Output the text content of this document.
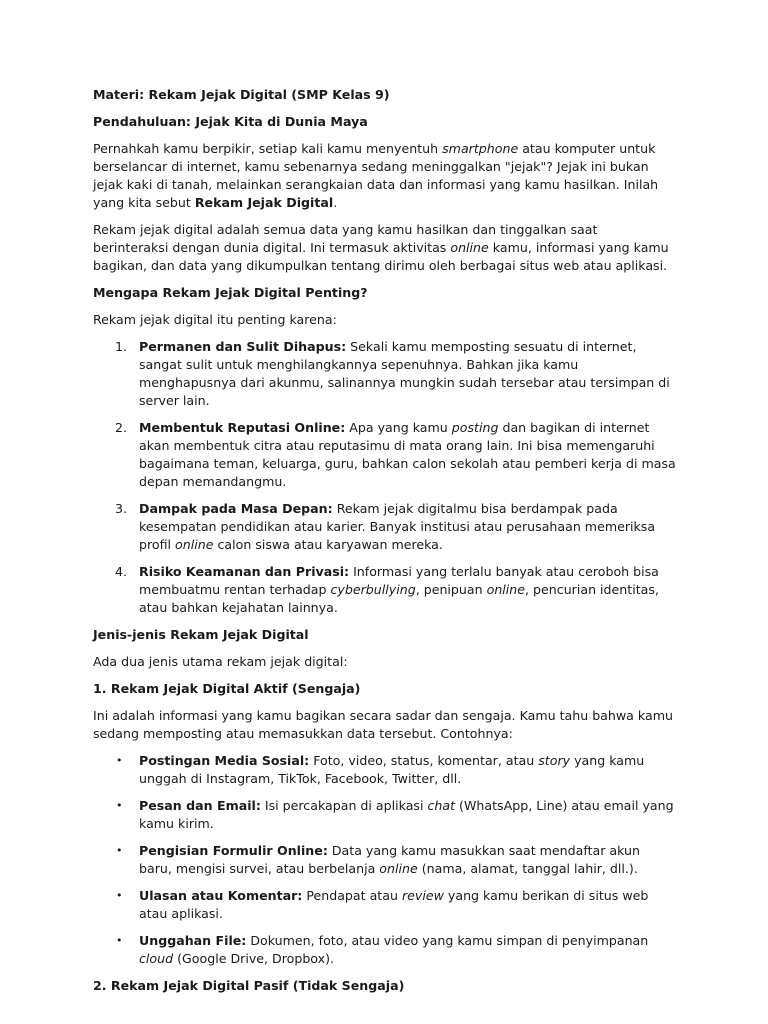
Materi: Rekam Jejak Digital (SMP Kelas 9)

Pendahuluan: Jejak Kita di Dunia Maya

Pernahkah kamu berpikir, setiap kali kamu menyentuh smartphone atau komputer untuk berselancar di internet, kamu sebenarnya sedang meninggalkan "jejak"? Jejak ini bukan jejak kaki di tanah, melainkan serangkaian data dan informasi yang kamu hasilkan. Inilah yang kita sebut Rekam Jejak Digital.

Rekam jejak digital adalah semua data yang kamu hasilkan dan tinggalkan saat berinteraksi dengan dunia digital. Ini termasuk aktivitas online kamu, informasi yang kamu bagikan, dan data yang dikumpulkan tentang dirimu oleh berbagai situs web atau aplikasi.

Mengapa Rekam Jejak Digital Penting?

Rekam jejak digital itu penting karena:

1. Permanen dan Sulit Dihapus: Sekali kamu memposting sesuatu di internet, sangat sulit untuk menghilangkannya sepenuhnya. Bahkan jika kamu menghapusnya dari akunmu, salinannya mungkin sudah tersebar atau tersimpan di server lain.
2. Membentuk Reputasi Online: Apa yang kamu posting dan bagikan di internet akan membentuk citra atau reputasimu di mata orang lain. Ini bisa memengaruhi bagaimana teman, keluarga, guru, bahkan calon sekolah atau pemberi kerja di masa depan memandangmu.
3. Dampak pada Masa Depan: Rekam jejak digitalmu bisa berdampak pada kesempatan pendidikan atau karier. Banyak institusi atau perusahaan memeriksa profil online calon siswa atau karyawan mereka.
4. Risiko Keamanan dan Privasi: Informasi yang terlalu banyak atau ceroboh bisa membuatmu rentan terhadap cyberbullying, penipuan online, pencurian identitas, atau bahkan kejahatan lainnya.

Jenis-jenis Rekam Jejak Digital

Ada dua jenis utama rekam jejak digital:

1. Rekam Jejak Digital Aktif (Sengaja)

Ini adalah informasi yang kamu bagikan secara sadar dan sengaja. Kamu tahu bahwa kamu sedang memposting atau memasukkan data tersebut. Contohnya:

• Postingan Media Sosial: Foto, video, status, komentar, atau story yang kamu unggah di Instagram, TikTok, Facebook, Twitter, dll.
• Pesan dan Email: Isi percakapan di aplikasi chat (WhatsApp, Line) atau email yang kamu kirim.
• Pengisian Formulir Online: Data yang kamu masukkan saat mendaftar akun baru, mengisi survei, atau berbelanja online (nama, alamat, tanggal lahir, dll.).
• Ulasan atau Komentar: Pendapat atau review yang kamu berikan di situs web atau aplikasi.
• Unggahan File: Dokumen, foto, atau video yang kamu simpan di penyimpanan cloud (Google Drive, Dropbox).

2. Rekam Jejak Digital Pasif (Tidak Sengaja)
